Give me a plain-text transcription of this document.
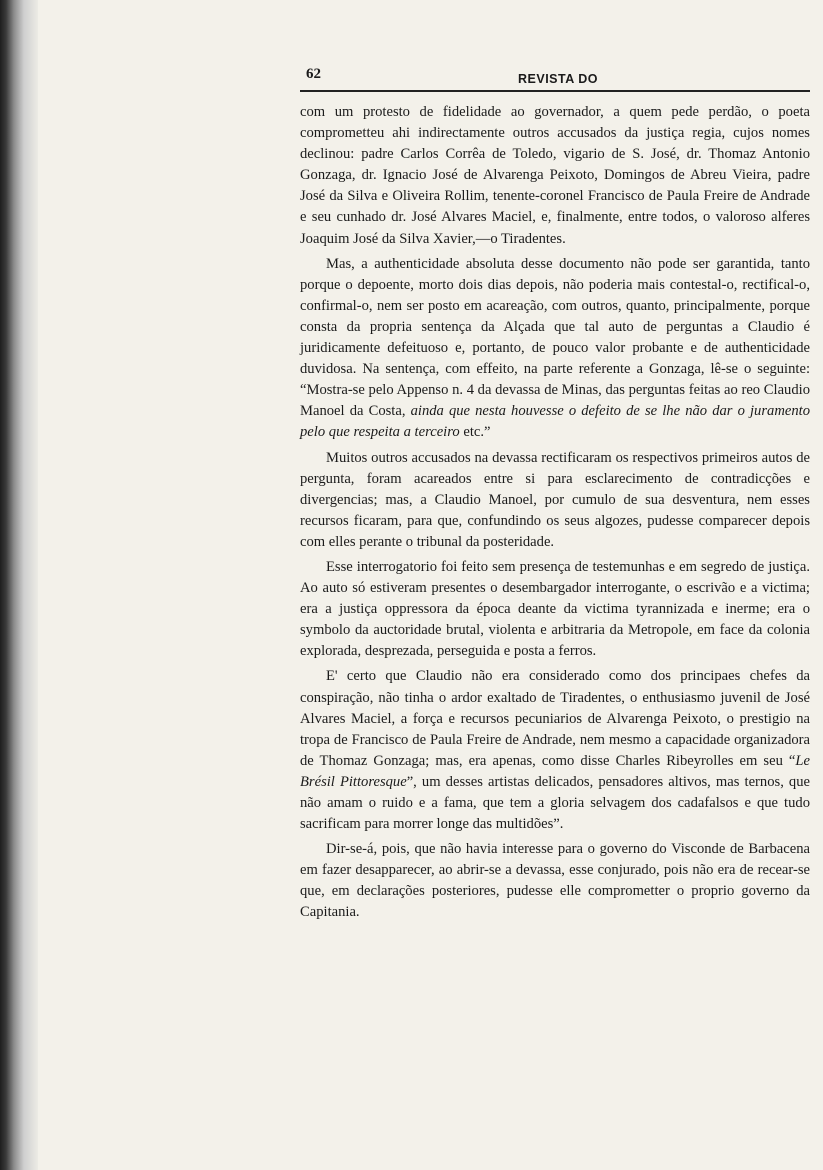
62	REVISTA DO

com um protesto de fidelidade ao governador, a quem pede perdão, o poeta comprometteu ahi indirectamente outros accusados da justiça regia, cujos nomes declinou: padre Carlos Corrêa de Toledo, vigario de S. José, dr. Thomaz Antonio Gonzaga, dr. Ignacio José de Alvarenga Peixoto, Domingos de Abreu Vieira, padre José da Silva e Oliveira Rollim, tenente-coronel Francisco de Paula Freire de Andrade e seu cunhado dr. José Alvares Maciel, e, finalmente, entre todos, o valoroso alferes Joaquim José da Silva Xavier,—o Tiradentes.

Mas, a authenticidade absoluta desse documento não pode ser garantida, tanto porque o depoente, morto dois dias depois, não poderia mais contestal-o, rectifical-o, confirmal-o, nem ser posto em acareação, com outros, quanto, principalmente, porque consta da propria sentença da Alçada que tal auto de perguntas a Claudio é juridicamente defeituoso e, portanto, de pouco valor probante e de authenticidade duvidosa. Na sentença, com effeito, na parte referente a Gonzaga, lê-se o seguinte: “Mostra-se pelo Appenso n. 4 da devassa de Minas, das perguntas feitas ao reo Claudio Manoel da Costa, ainda que nesta houvesse o defeito de se lhe não dar o juramento pelo que respeita a terceiro etc.”

Muitos outros accusados na devassa rectificaram os respectivos primeiros autos de pergunta, foram acareados entre si para esclarecimento de contradicções e divergencias; mas, a Claudio Manoel, por cumulo de sua desventura, nem esses recursos ficaram, para que, confundindo os seus algozes, pudesse comparecer depois com elles perante o tribunal da posteridade.

Esse interrogatorio foi feito sem presença de testemunhas e em segredo de justiça. Ao auto só estiveram presentes o desembargador interrogante, o escrivão e a victima; era a justiça oppressora da época deante da victima tyrannizada e inerme; era o symbolo da auctoridade brutal, violenta e arbitraria da Metropole, em face da colonia explorada, desprezada, perseguida e posta a ferros.

E' certo que Claudio não era considerado como dos principaes chefes da conspiração, não tinha o ardor exaltado de Tiradentes, o enthusiasmo juvenil de José Alvares Maciel, a força e recursos pecuniarios de Alvarenga Peixoto, o prestigio na tropa de Francisco de Paula Freire de Andrade, nem mesmo a capacidade organizadora de Thomaz Gonzaga; mas, era apenas, como disse Charles Ribeyrolles em seu “Le Brésil Pittoresque”, um desses artistas delicados, pensadores altivos, mas ternos, que não amam o ruido e a fama, que tem a gloria selvagem dos cadafalsos e que tudo sacrificam para morrer longe das multidões”.

Dir-se-á, pois, que não havia interesse para o governo do Visconde de Barbacena em fazer desapparecer, ao abrir-se a devassa, esse conjurado, pois não era de recear-se que, em declarações posteriores, pudesse elle comprometter o proprio governo da Capitania.
